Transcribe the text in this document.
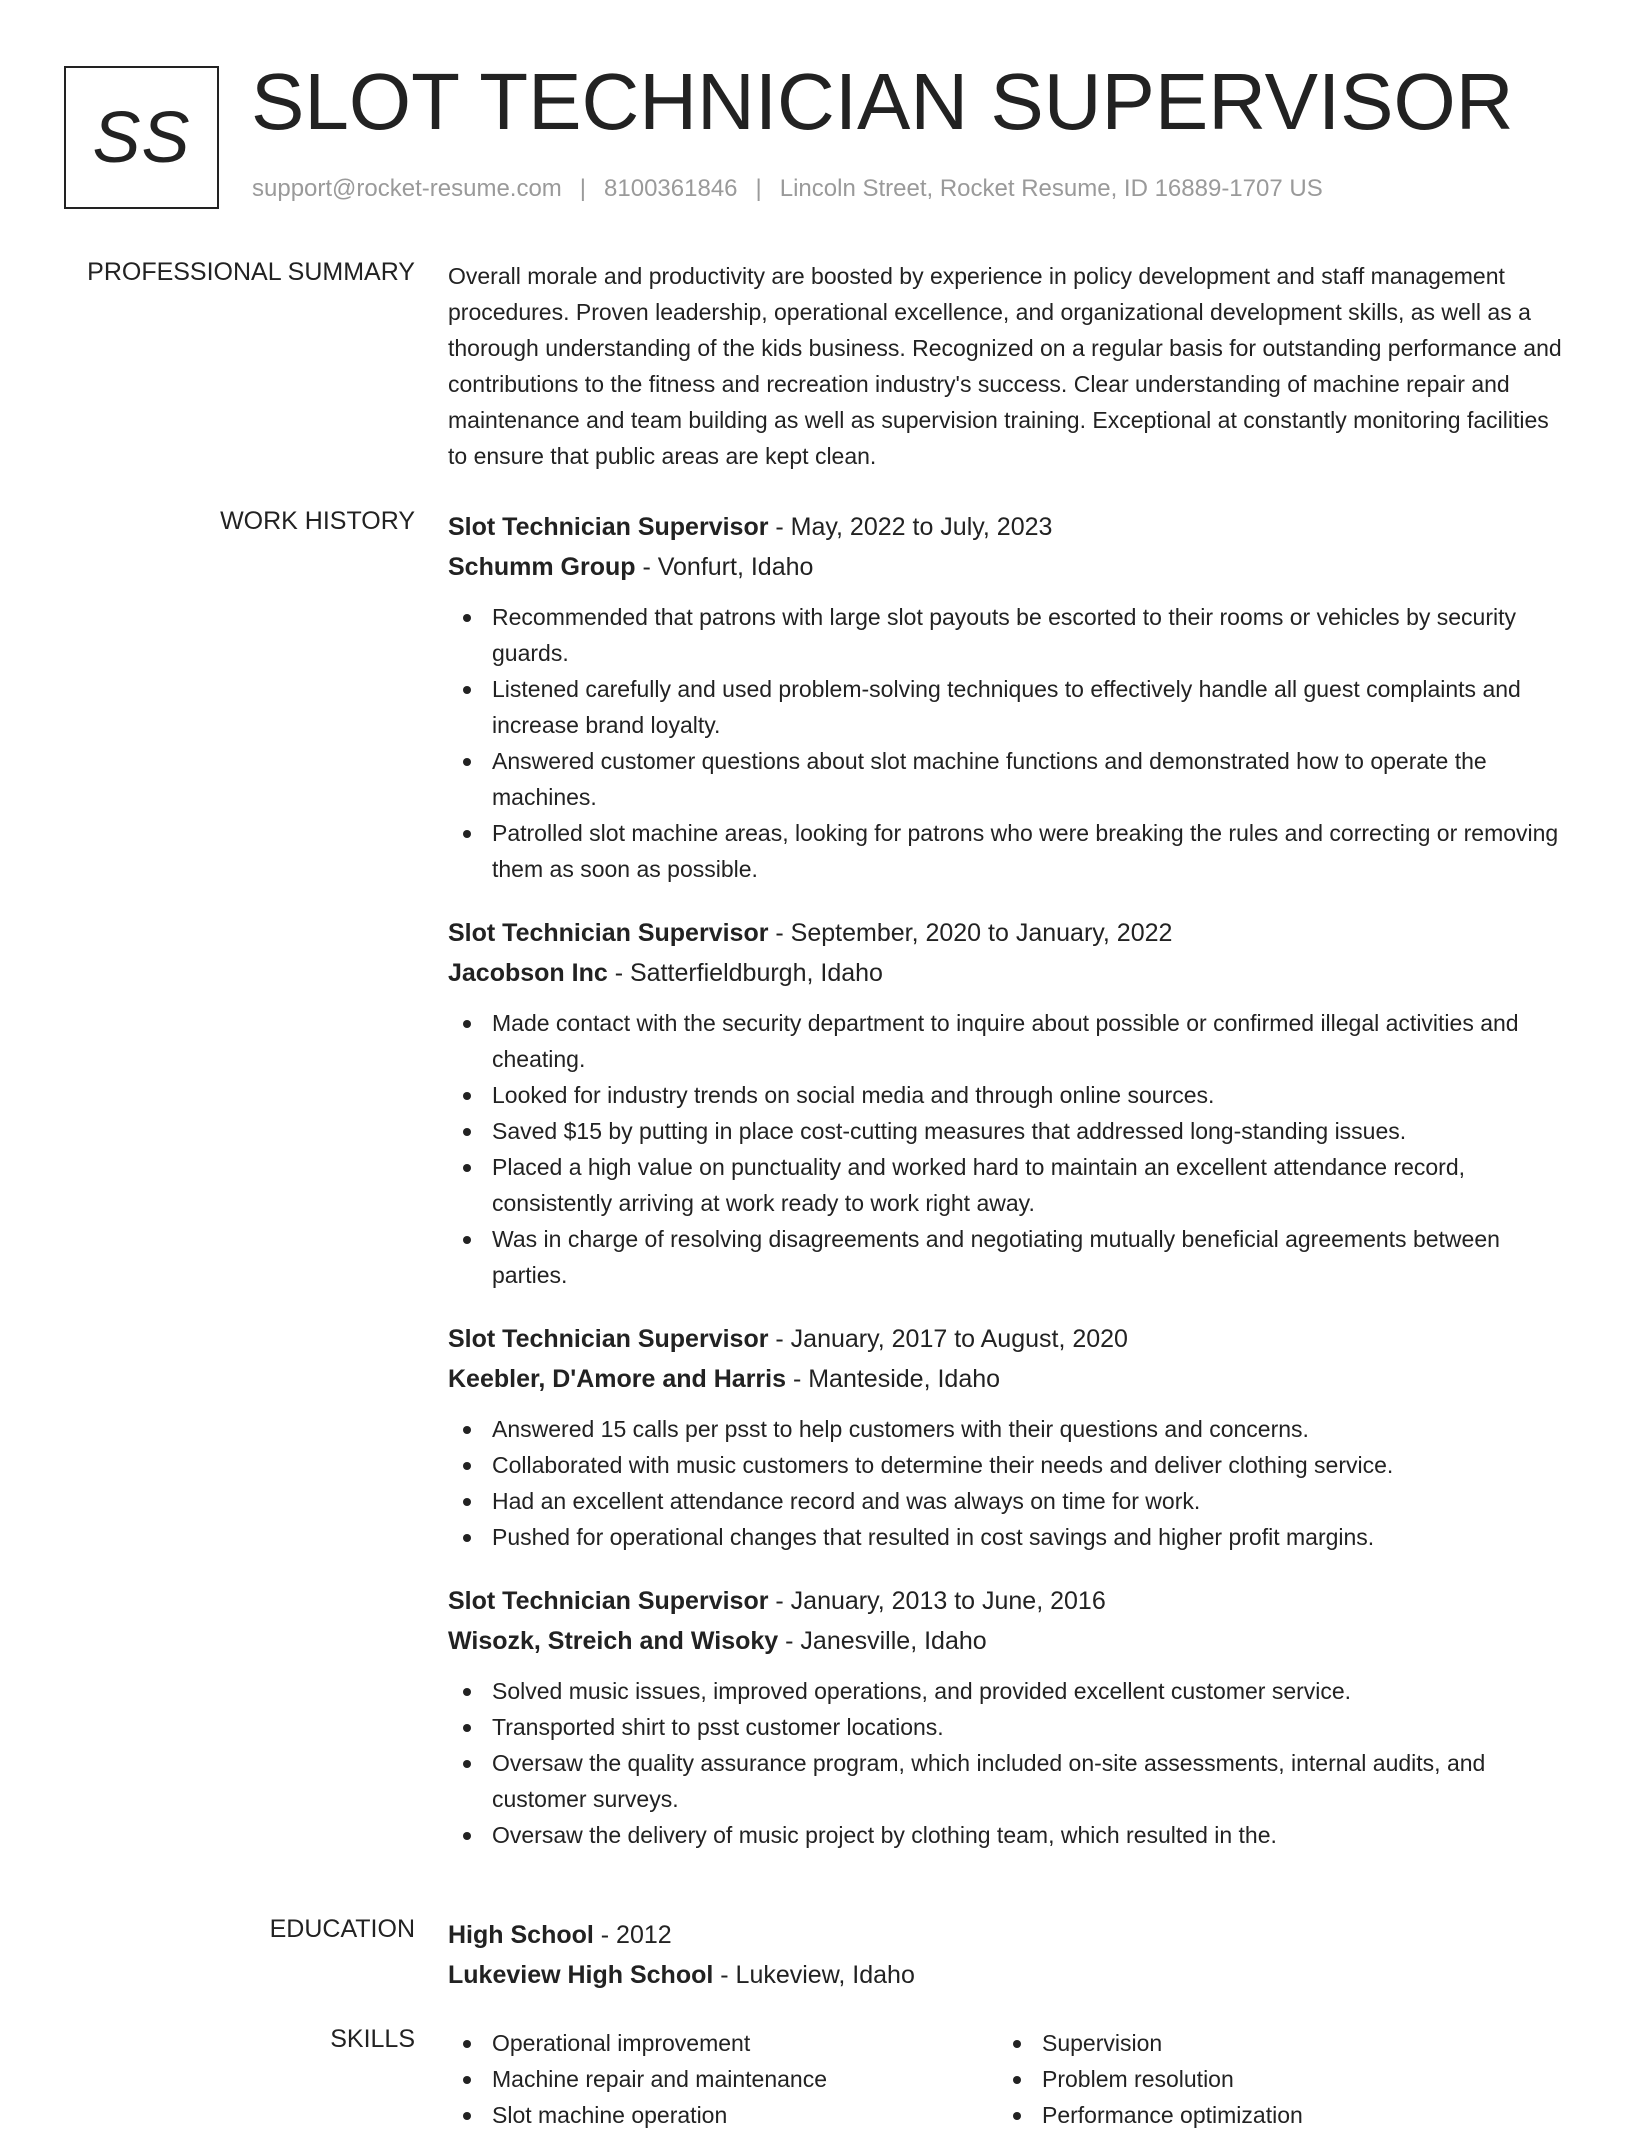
SS SLOT TECHNICIAN SUPERVISOR
support@rocket-resume.com | 8100361846 | Lincoln Street, Rocket Resume, ID 16889-1707 US
PROFESSIONAL SUMMARY Overall morale and productivity are boosted by experience in policy development and staff management procedures. Proven leadership, operational excellence, and organizational development skills, as well as a thorough understanding of the kids business. Recognized on a regular basis for outstanding performance and contributions to the fitness and recreation industry's success. Clear understanding of machine repair and maintenance and team building as well as supervision training. Exceptional at constantly monitoring facilities to ensure that public areas are kept clean.

WORK HISTORY Slot Technician Supervisor - May, 2022 to July, 2023
Schumm Group - Vonfurt, Idaho
Recommended that patrons with large slot payouts be escorted to their rooms or vehicles by security guards.
Listened carefully and used problem-solving techniques to effectively handle all guest complaints and increase brand loyalty.
Answered customer questions about slot machine functions and demonstrated how to operate the machines.
Patrolled slot machine areas, looking for patrons who were breaking the rules and correcting or removing them as soon as possible.
Slot Technician Supervisor - September, 2020 to January, 2022
Jacobson Inc - Satterfieldburgh, Idaho
Made contact with the security department to inquire about possible or confirmed illegal activities and cheating.
Looked for industry trends on social media and through online sources.
Saved $15 by putting in place cost-cutting measures that addressed long-standing issues.
Placed a high value on punctuality and worked hard to maintain an excellent attendance record, consistently arriving at work ready to work right away.
Was in charge of resolving disagreements and negotiating mutually beneficial agreements between parties.
Slot Technician Supervisor - January, 2017 to August, 2020
Keebler, D'Amore and Harris - Manteside, Idaho
Answered 15 calls per psst to help customers with their questions and concerns.
Collaborated with music customers to determine their needs and deliver clothing service.
Had an excellent attendance record and was always on time for work.
Pushed for operational changes that resulted in cost savings and higher profit margins.
Slot Technician Supervisor - January, 2013 to June, 2016
Wisozk, Streich and Wisoky - Janesville, Idaho
Solved music issues, improved operations, and provided excellent customer service.
Transported shirt to psst customer locations.
Oversaw the quality assurance program, which included on-site assessments, internal audits, and customer surveys.
Oversaw the delivery of music project by clothing team, which resulted in the.
EDUCATION High School - 2012
Lukeview High School - Lukeview, Idaho
SKILLS	Operational improvement
Machine repair and maintenance
Slot machine operation
Supervision
Problem resolution
Performance optimization
